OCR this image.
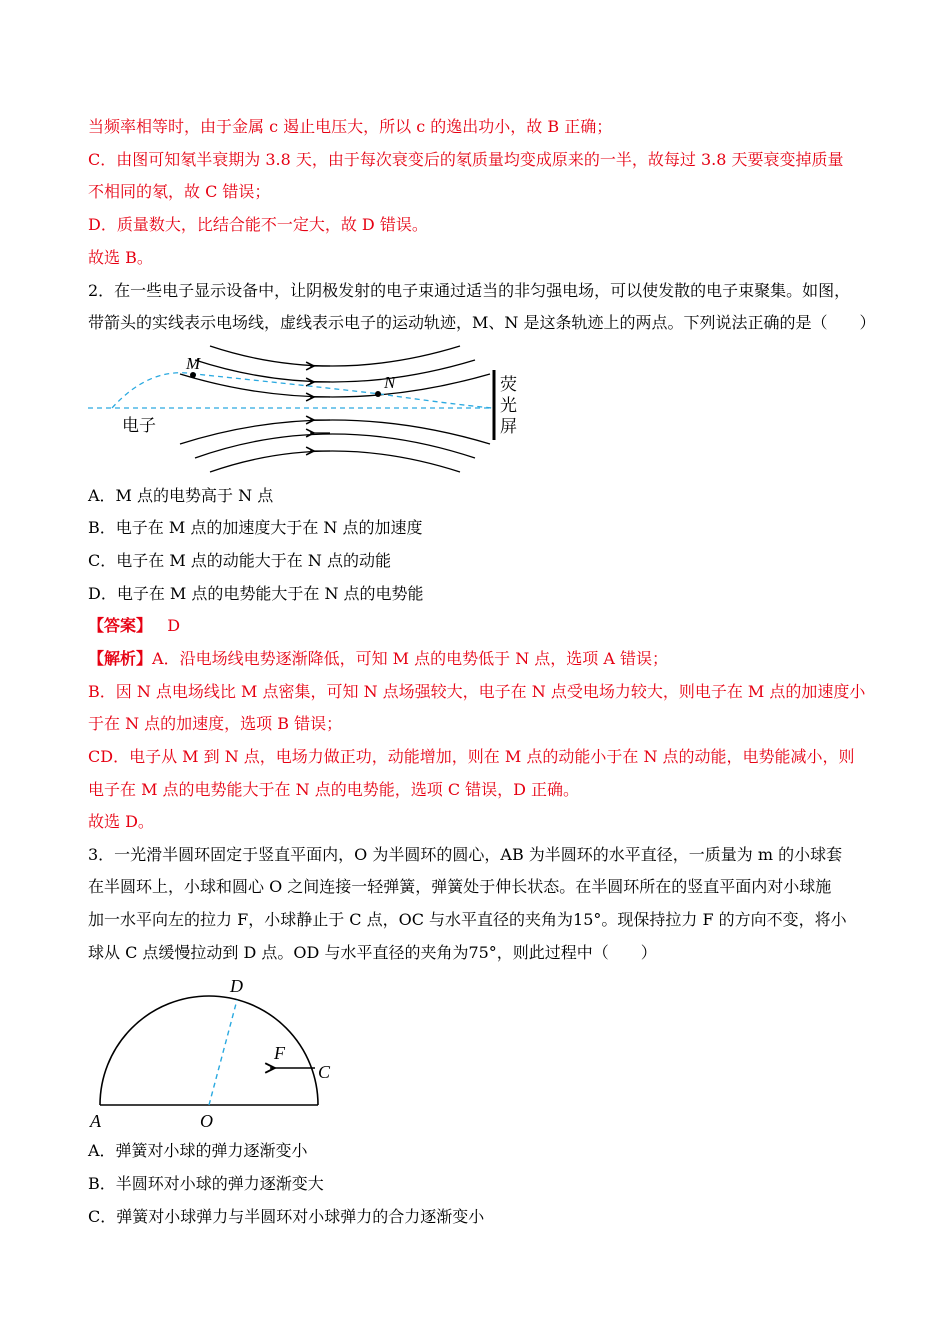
当频率相等时，由于金属 c 遏止电压大，所以 c 的逸出功小，故 B 正确；
C．由图可知氡半衰期为 3.8 天，由于每次衰变后的氡质量均变成原来的一半，故每过 3.8 天要衰变掉质量
不相同的氡，故 C 错误；
D．质量数大，比结合能不一定大，故 D 错误。
故选 B。
2．在一些电子显示设备中，让阴极发射的电子束通过适当的非匀强电场，可以使发散的电子束聚集。如图，
带箭头的实线表示电场线，虚线表示电子的运动轨迹，M、N 是这条轨迹上的两点。下列说法正确的是（　　）
M
N
电子
荧
光
屏
A．M 点的电势高于 N 点
B．电子在 M 点的加速度大于在 N 点的加速度
C．电子在 M 点的动能大于在 N 点的动能
D．电子在 M 点的电势能大于在 N 点的电势能
【答案】 D
【解析】A．沿电场线电势逐渐降低，可知 M 点的电势低于 N 点，选项 A 错误；
B．因 N 点电场线比 M 点密集，可知 N 点场强较大，电子在 N 点受电场力较大，则电子在 M 点的加速度小
于在 N 点的加速度，选项 B 错误；
CD．电子从 M 到 N 点，电场力做正功，动能增加，则在 M 点的动能小于在 N 点的动能，电势能减小，则
电子在 M 点的电势能大于在 N 点的电势能，选项 C 错误，D 正确。
故选 D。
3．一光滑半圆环固定于竖直平面内，O 为半圆环的圆心，AB 为半圆环的水平直径，一质量为 m 的小球套
在半圆环上，小球和圆心 O 之间连接一轻弹簧，弹簧处于伸长状态。在半圆环所在的竖直平面内对小球施
加一水平向左的拉力 F，小球静止于 C 点，OC 与水平直径的夹角为15°。现保持拉力 F 的方向不变，将小
球从 C 点缓慢拉动到 D 点。OD 与水平直径的夹角为75°，则此过程中（　　）
A	O
D
F
C
A．弹簧对小球的弹力逐渐变小
B．半圆环对小球的弹力逐渐变大
C．弹簧对小球弹力与半圆环对小球弹力的合力逐渐变小
